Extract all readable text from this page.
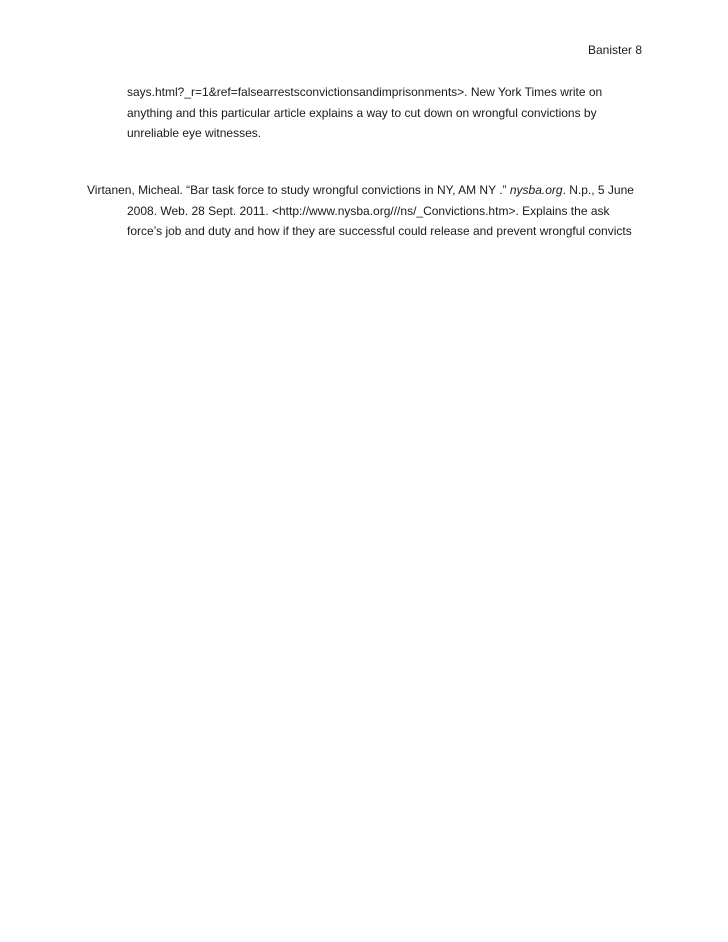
Banister 8
says.html?_r=1&ref=falsearrestsconvictionsandimprisonments>. New York Times write on
anything and this particular article explains a way to cut down on wrongful convictions by
unreliable eye witnesses.
Virtanen, Micheal. “Bar task force to study wrongful convictions in NY, AM NY .” nysba.org. N.p., 5 June
2008. Web. 28 Sept. 2011. <http://www.nysba.org///ns/_Convictions.htm>. Explains the ask
force’s job and duty and how if they are successful could release and prevent wrongful convicts
